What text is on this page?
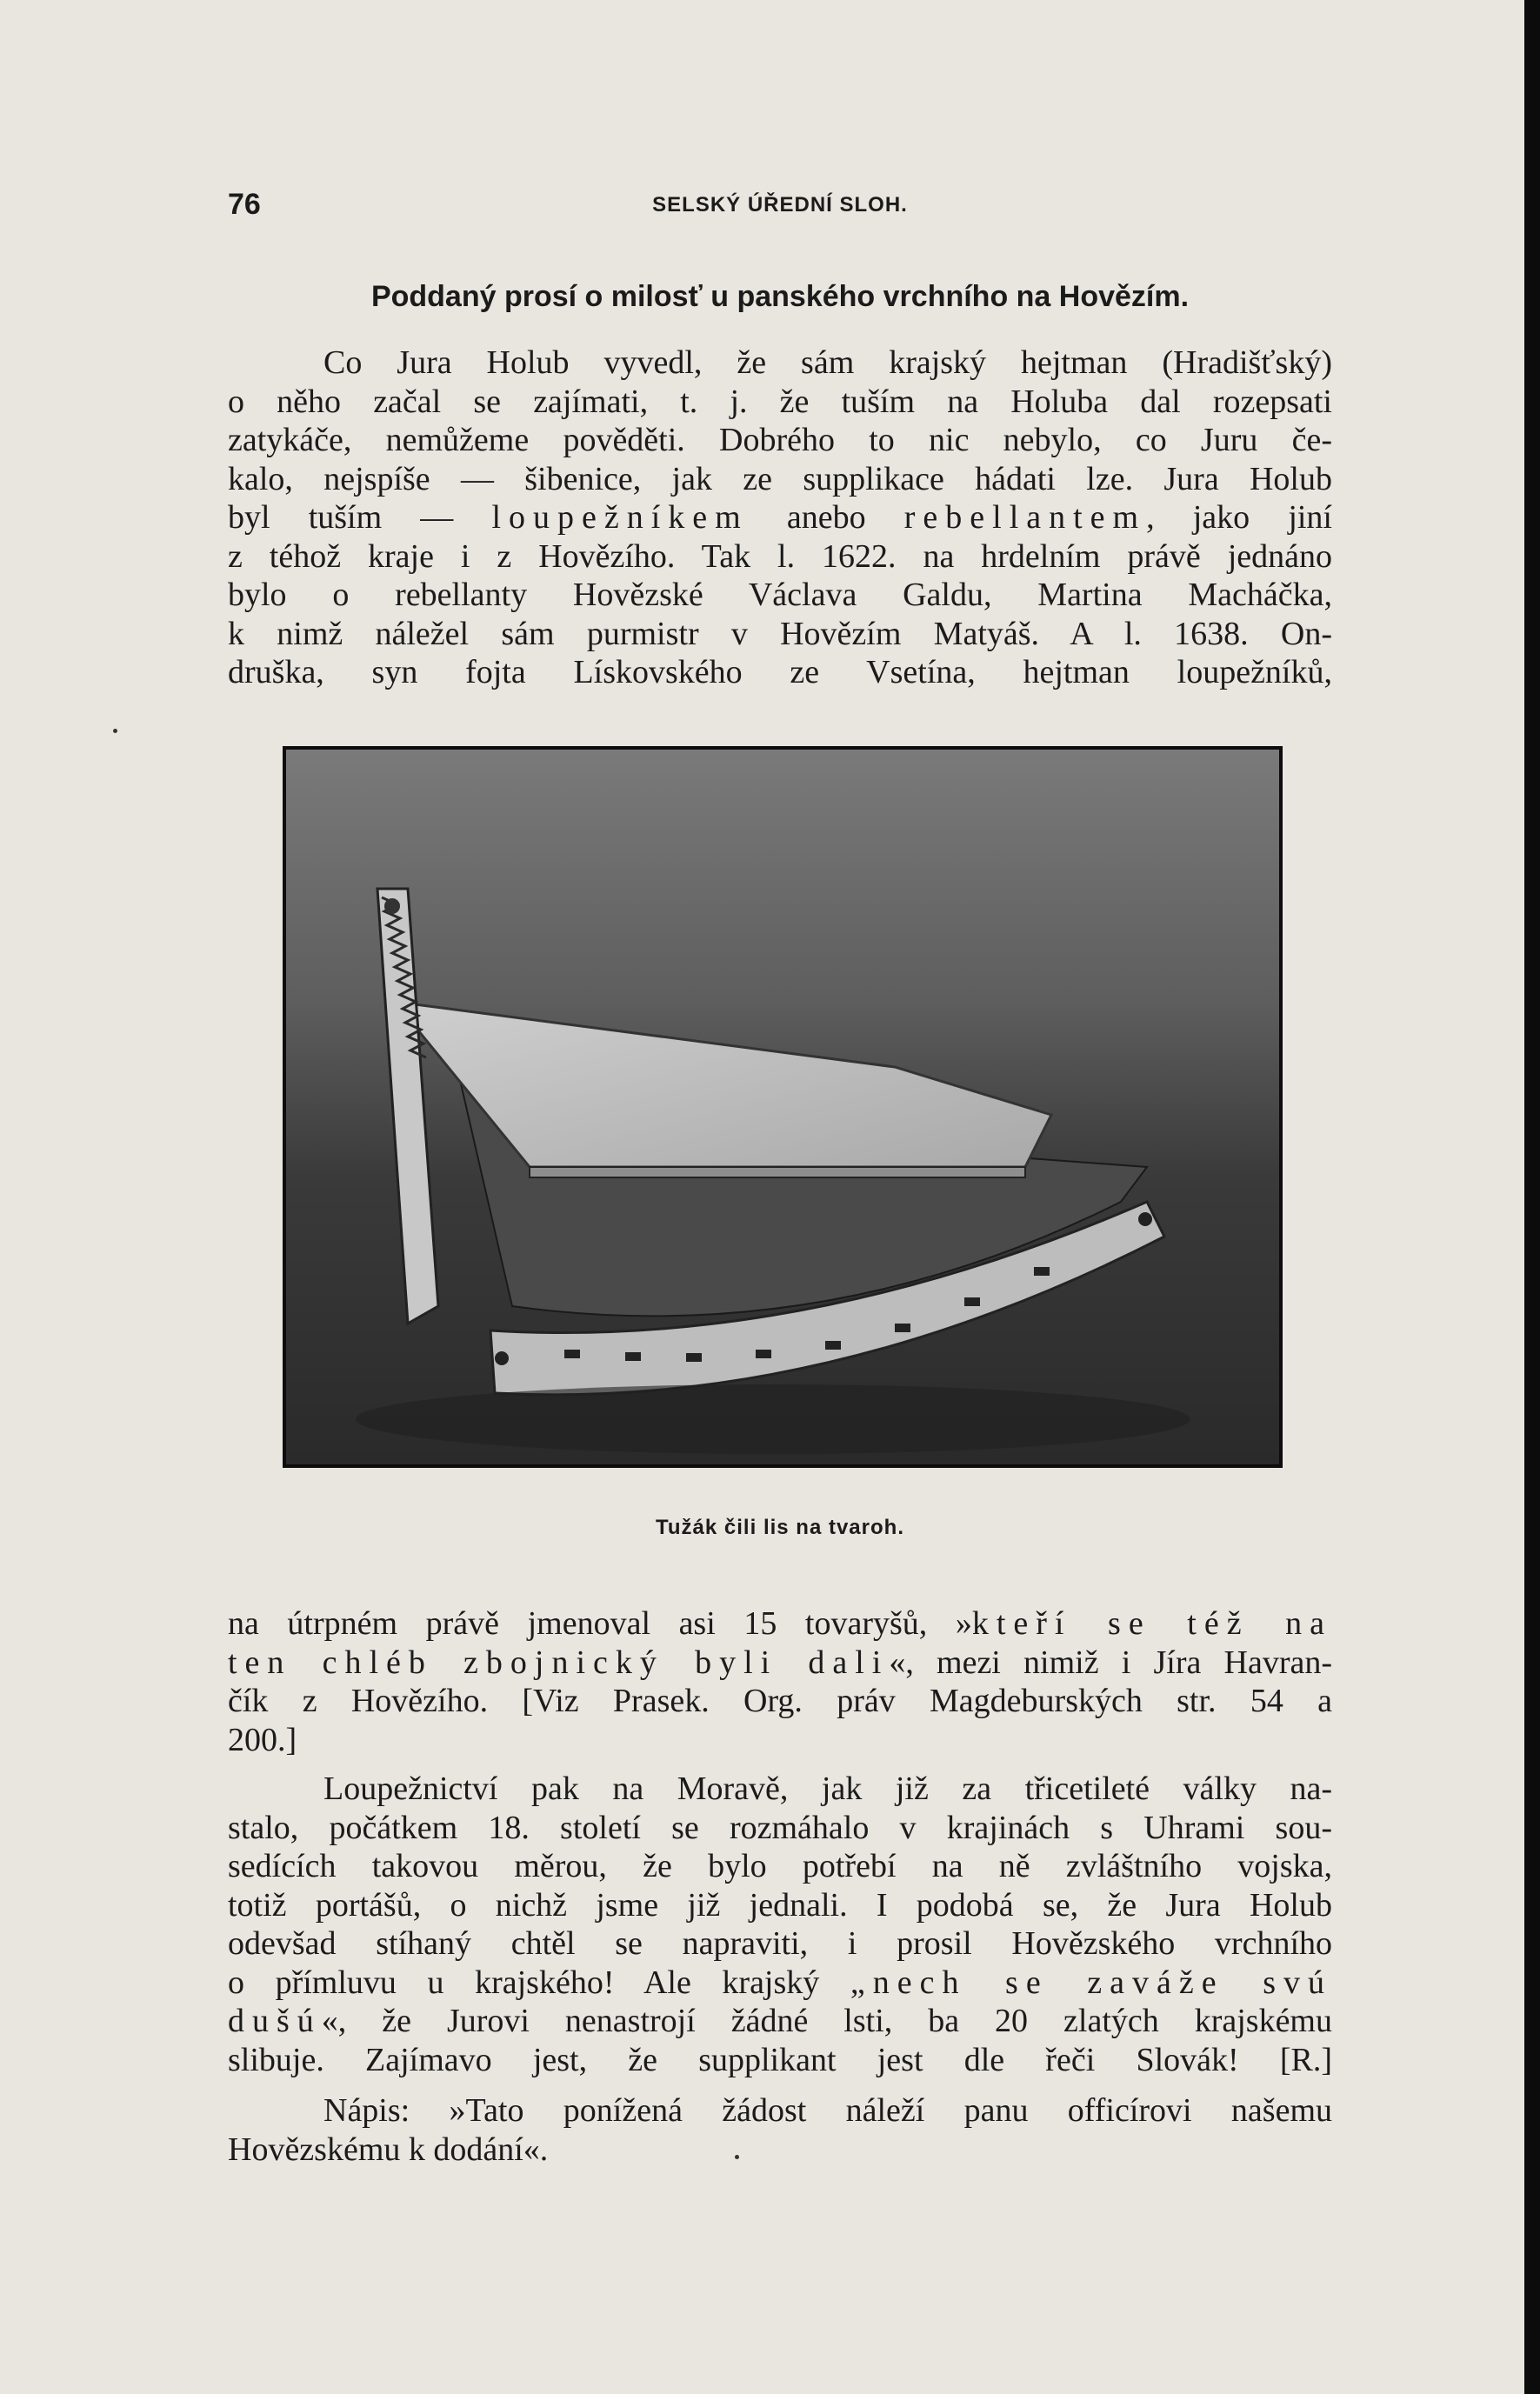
76	SELSKÝ ÚŘEDNÍ SLOH.
Poddaný prosí o milosť u panského vrchního na Hovězím.
Co Jura Holub vyvedl, že sám krajský hejtman (Hradišťský)
o něho začal se zajímati, t. j. že tuším na Holuba dal rozepsati
zatykáče, nemůžeme pověděti. Dobrého to nic nebylo, co Juru če-
kalo, nejspíše — šibenice, jak ze supplikace hádati lze. Jura Holub
byl tuším — loupežníkem anebo rebellantem, jako jiní
z téhož kraje i z Hovězího. Tak l. 1622. na hrdelním právě jednáno
bylo o rebellanty Hovězské Václava Galdu, Martina Macháčka,
k nimž náležel sám purmistr v Hovězím Matyáš. A l. 1638. On-
druška, syn fojta Lískovského ze Vsetína, hejtman loupežníků,
Tužák čili lis na tvaroh.
na útrpném právě jmenoval asi 15 tovaryšů, »kteří se též na
ten chléb zbojnický byli dali«, mezi nimiž i Jíra Havran-
čík z Hovězího. [Viz Prasek. Org. práv Magdeburských str. 54 a
200.]
Loupežnictví pak na Moravě, jak již za třicetileté války na-
stalo, počátkem 18. století se rozmáhalo v krajinách s Uhrami sou-
sedících takovou měrou, že bylo potřebí na ně zvláštního vojska,
totiž portášů, o nichž jsme již jednali. I podobá se, že Jura Holub
odevšad stíhaný chtěl se napraviti, i prosil Hovězského vrchního
o přímluvu u krajského! Ale krajský „nech se zaváže svú
dušú«, že Jurovi nenastrojí žádné lsti, ba 20 zlatých krajskému
slibuje. Zajímavo jest, že supplikant jest dle řeči Slovák! [R.]
Nápis: »Tato ponížená žádost náleží panu officírovi našemu
Hovězskému k dodání«.
